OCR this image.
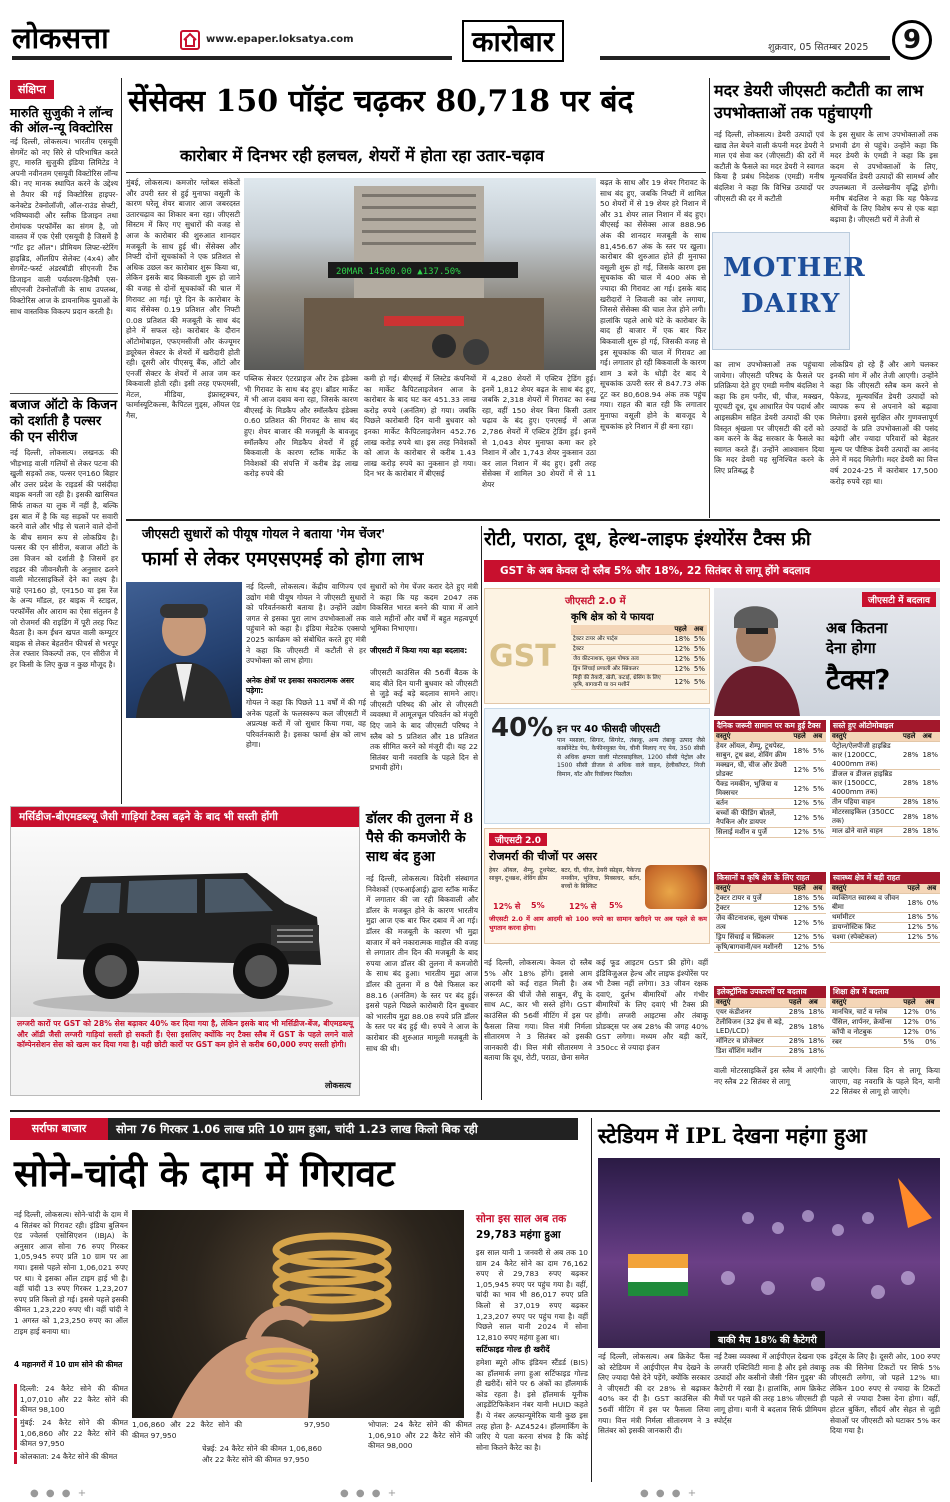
लोकसत्ता	www.epaper.loksatya.com	कारोबार	शुक्रवार, 05 सितम्बर 2025	9
संक्षिप्त
मारुति सुजुकी ने लॉन्च की ऑल-न्यू विक्टोरिस
नई दिल्ली, लोकसत्य। भारतीय एसयूवी सेगमेंट को नए सिरे से परिभाषित करते हुए, मारुति सुजुकी इंडिया लिमिटेड ने अपनी नवीनतम एसयूवी विक्टोरिस लॉन्च की। नए मानक स्थापित करने के उद्देश्य से तैयार की गई विक्टोरिस हाइपर-कनेक्टेड टेक्नोलॉजी, ऑल-राउंड सेफ्टी, भविष्यवादी और स्लीक डिजाइन तथा रोमांचक परफॉर्मेंस का संगम है, जो वास्तव में एक ऐसी एसयूवी है जिसमें है "गॉट इट ऑल"। प्रीमियम लिफ्ट-स्टेरिंग हाइब्रिड, ऑलग्रिप सेलेक्ट (4x4) और सेगमेंट-फर्स्ट अंडरबॉडी सीएनजी टैंक डिजाइन वाली पर्यावरण-हितैषी एस-सीएनजी टेक्नोलॉजी के साथ उपलब्ध, विक्टोरिस आज के डायनामिक युवाओं के साथ वास्तविक विकल्प प्रदान करती है।
बजाज ऑटो के किजन को दर्शाती है पल्सर की एन सीरीज
नई दिल्ली, लोकसत्य। लखनऊ की भीड़भाड़ वाली गलियों से लेकर पटना की खुली सड़कों तक, पल्सर एन160 बिहार और उत्तर प्रदेश के राइडर्स की पसंदीदा बाइक बनती जा रही है। इसकी खासियत सिर्फ ताकत या लुक में नहीं है, बल्कि इस बात में है कि यह सड़कों पर सवारी करने वाले और भीड़ से चलाने वाले दोनों के बीच समान रूप से लोकप्रिय है। पल्सर की एन सीरीज, बजाज ऑटो के उस विजन को दर्शाती है जिसमें हर राइडर की जीवनशैली के अनुसार ढलने वाली मोटरसाइकिलें देने का लक्ष्य है। चाहे एन160 हो, एन150 या इस रेंज के अन्य मॉडल, हर बाइक में स्टाइल, परफॉर्मेंस और आराम का ऐसा संतुलन है जो रोजमर्रा की राइडिंग में पूरी तरह फिट बैठता है। कम ईंधन खपत वाली कम्यूटर बाइक से लेकर बेहतरीन फीचर्स से भरपूर तेज रफ्तार विकल्पों तक, एन सीरीज में हर किसी के लिए कुछ न कुछ मौजूद है।
सेंसेक्स 150 पॉइंट चढ़कर 80,718 पर बंद
कारोबार में दिनभर रही हलचल, शेयरों में होता रहा उतार-चढ़ाव
मुंबई, लोकसत्य। कमजोर ग्लोबल संकेतों और उपरी स्तर से हुई मुनाफा वसूली के कारण घरेलू शेयर बाजार आज जबरदस्त उतारचढ़ाव का शिकार बना रहा। जीएसटी सिस्टम में किए गए सुधारों की वजह से आज के कारोबार की शुरुआत शानदार मजबूती के साथ हुई थी। सेंसेक्स और निफ्टी दोनों सूचकांकों ने एक प्रतिशत से अधिक उछल कर कारोबार शुरू किया था, लेकिन इसके बाद बिकवाली शुरू हो जाने की वजह से दोनों सूचकांकों की चाल में गिरावट आ गई। पूरे दिन के कारोबार के बाद सेंसेक्स 0.19 प्रतिशत और निफ्टी 0.08 प्रतिशत की मजबूती के साथ बंद होने में सफल रहे। कारोबार के दौरान ऑटोमोबाइल, एफएमसीजी और कंज्यूमर ड्यूरेबल सेक्टर के शेयरों में खरीदारी होती रही। दूसरी ओर पीएसयू बैंक, ऑटो और एनर्जी सेक्टर के शेयरों में आज जम कर बिकवाली होती रही। इसी तरह एफएमसी, मेटल, मीडिया, इंफ्रास्ट्रक्चर, फार्मास्यूटिकल्स, कैपिटल गुड्स, ऑयल एंड गैस,
20MAR 14500.00 ▲137.50%
पब्लिक सेक्टर एंटरप्राइज और टेक इंडेक्स भी गिरावट के साथ बंद हुए। ब्रॉडर मार्केट में भी आज दबाव बना रहा, जिसके कारण बीएसई के मिडकैप और स्मॉलकैप इंडेक्स 0.60 प्रतिशत की गिरावट के साथ बंद हुए। शेयर बाजार की मजबूती के बावजूद स्मॉलकैप और मिडकैप शेयरों में हुई बिकवाली के कारण स्टॉक मार्केट के निवेशकों की संपत्ति में करीब डेढ़ लाख करोड़ रुपये की
कमी हो गई। बीएसई में लिस्टेड कंपनियों का मार्केट कैपिटलाइजेशन आज के कारोबार के बाद घट कर 451.33 लाख करोड़ रुपये (अनंतिम) हो गया। जबकि पिछले कारोबारी दिन यानी बुधवार को इनका मार्केट कैपिटलाइजेशन 452.76 लाख करोड़ रुपये था। इस तरह निवेशकों को आज के कारोबार से करीब 1.43 लाख करोड़ रुपये का नुकसान हो गया। दिन भर के कारोबार में बीएसई
में 4,280 शेयरों में एक्टिव ट्रेडिंग हुई। इनमें 1,812 शेयर बढ़त के साथ बंद हुए, जबकि 2,318 शेयरों में गिरावट का रुख रहा, वहीं 150 शेयर बिना किसी उतार चढ़ाव के बंद हुए। एनएसई में आज 2,786 शेयरों में एक्टिव ट्रेडिंग हुई। इनमें से 1,043 शेयर मुनाफा कमा कर हरे निशान में और 1,743 शेयर नुकसान उठा कर लाल निशान में बंद हुए। इसी तरह सेंसेक्स में शामिल 30 शेयरों में से 11 शेयर
बढ़त के साथ और 19 शेयर गिरावट के साथ बंद हुए, जबकि निफ्टी में शामिल 50 शेयरों में से 19 शेयर हरे निशान में और 31 शेयर लाल निशान में बंद हुए। बीएसई का सेंसेक्स आज 888.96 अंक की शानदार मजबूती के साथ 81,456.67 अंक के स्तर पर खुला। कारोबार की शुरुआत होते ही मुनाफा वसूली शुरू हो गई, जिसके कारण इस सूचकांक की चाल में 400 अंक से ज्यादा की गिरावट आ गई। इसके बाद खरीदारों ने लिवाली का जोर लगाया, जिससे सेंसेक्स की चाल तेज होने लगी। हालांकि पहले आधे घंटे के कारोबार के बाद ही बाजार में एक बार फिर बिकवाली शुरू हो गई, जिसकी वजह से इस सूचकांक की चाल में गिरावट आ गई। लगातार हो रही बिकवाली के कारण शाम 3 बजे के थोड़ी देर बाद ये सूचकांक ऊपरी स्तर से 847.73 अंक टूट कर 80,608.94 अंक तक पहुंच गया। राहत की बात रही कि लगातार मुनाफा वसूली होने के बावजूद ये सूचकांक हरे निशान में ही बना रहा।
मदर डेयरी जीएसटी कटौती का लाभ उपभोक्ताओं तक पहुंचाएगी
नई दिल्ली, लोकसत्य। डेयरी उत्पादों एवं खाद्य तेल बेचने वाली कंपनी मदर डेयरी ने माल एवं सेवा कर (जीएसटी) की दरों में कटौती के फैसले का मदर डेयरी ने स्वागत किया है प्रबंध निदेशक (एमडी) मनीष बंदलिश ने कहा कि विभिन्न उत्पादों पर जीएसटी की दर में कटौती
के इस सुधार के लाभ उपभोक्ताओं तक प्रभावी ढंग से पहुंचे। उन्होंने कहा कि मदर डेयरी के एमडी ने कहा कि इस कदम से उपभोक्ताओं के लिए, मूल्यवर्धित डेयरी उत्पादों की सामर्थ्य और उपलब्धता में उल्लेखनीय वृद्धि होगी। मनीष बंदलिश ने कहा कि यह पैकेज्ड श्रेणियों के लिए विशेष रूप से एक बड़ा बढ़ावा है। जीएसटी घरों में तेजी से
MOTHER
DAIRY
का लाभ उपभोक्ताओं तक पहुंचाया जायेगा। जीएसटी परिषद के फैसले पर प्रतिक्रिया देते हुए एमडी मनीष बंदलिश ने कहा कि हम पनीर, घी, चीज, मक्खन, यूएचटी दूध, दूध आधारित पेय पदार्थ और आइसक्रीम सहित डेयरी उत्पादों की एक विस्तृत श्रृंखला पर जीएसटी की दरों को कम करने के केंद्र सरकार के फैसले का स्वागत करते हैं। उन्होंने आश्वासन दिया कि मदर डेयरी यह सुनिश्चित करने के लिए प्रतिबद्ध है
लोकप्रिय हो रहे हैं और आगे चलकर इनकी मांग में और तेजी आएगी। उन्होंने कहा कि जीएसटी स्लैब कम करने से पैकेज्ड, मूल्यवर्धित डेयरी उत्पादों को व्यापक रूप से अपनाने को बढ़ावा मिलेगा। इससे सुरक्षित और गुणवत्तापूर्ण उत्पादों के प्रति उपभोक्ताओं की पसंद बढ़ेगी और ज्यादा परिवारों को बेहतर मूल्य पर पौष्टिक डेयरी उत्पादों का आनंद लेने में मदद मिलेगी। मदर डेयरी का वित्त वर्ष 2024-25 में कारोबार 17,500 करोड़ रुपये रहा था।
जीएसटी सुधारों को पीयूष गोयल ने बताया 'गेम चेंजर'
फार्मा से लेकर एमएसएमई को होगा लाभ
नई दिल्ली, लोकसत्य। केंद्रीय वाणिज्य एवं उद्योग मंत्री पीयूष गोयल ने जीएसटी सुधारों को परिवर्तनकारी बताया है। उन्होंने उद्योग जगत से इसका पूरा लाभ उपभोक्ताओं तक पहुंचाने को कहा है। इंडिया मेडटेक एक्सपो 2025 कार्यक्रम को संबोधित करते हुए मंत्री ने कहा कि जीएसटी में कटौती से हर उपभोक्ता को लाभ होगा।
अनेक क्षेत्रों पर इसका सकारात्मक असर पड़ेगा:
गोयल ने कहा कि पिछले 11 वर्षों में की गई अनेक पहलों के फलस्वरूप कल जीएसटी में अप्रत्यक्ष करों में जो सुधार किया गया, वह परिवर्तनकारी है। इसका फार्मा क्षेत्र को लाभ होगा।
सुधारों को गेम चेंजर करार देते हुए मंत्री ने कहा कि यह कदम 2047 तक विकसित भारत बनने की यात्रा में आने वाले महीनों और वर्षों में बहुत महत्वपूर्ण भूमिका निभाएगा।
जीएसटी में किया गया बड़ा बदलाव:
जीएसटी काउंसिल की 56वीं बैठक के बाद बीते दिन यानी बुधवार को जीएसटी से जुड़े कई बड़े बदलाव सामने आए। जीएसटी परिषद की ओर से जीएसटी व्यवस्था में आमूलचूल परिवर्तन को मंजूरी दिए जाने के बाद जीएसटी परिषद ने स्लैब को 5 प्रतिशत और 18 प्रतिशत तक सीमित करने को मंजूरी दी। यह 22 सितंबर यानी नवरात्रि के पहले दिन से प्रभावी होंगे।
मर्सिडीज-बीएमडब्ल्यू जैसी गाड़ियां टैक्स बढ़ने के बाद भी सस्ती होंगी
लग्जरी कारों पर GST को 28% सेस बढ़ाकर 40% कर दिया गया है, लेकिन इसके बाद भी मर्सिडीज-बेंज, बीएमडब्ल्यू और ऑडी जैसी लग्जरी गाड़ियां सस्ती हो सकती हैं। ऐसा इसलिए क्योंकि नए टैक्स स्लैब में GST के पहले लगने वाले कॉम्पेनसेशन सेस को खत्म कर दिया गया है। यही छोटी कारों पर GST कम होने से करीब 60,000 रुपए सस्ती होगी।
लोकसत्य
डॉलर की तुलना में 8 पैसे की कमजोरी के साथ बंद हुआ
नई दिल्ली, लोकसत्य। विदेशी संस्थागत निवेशकों (एफआईआई) द्वारा स्टॉक मार्केट में लगातार की जा रही बिकवाली और डॉलर के मजबूत होने के कारण भारतीय मुद्रा आज एक बार फिर दबाव में आ गई। डॉलर की मजबूती के कारण भी मुद्रा बाजार में बने नकारात्मक माहौल की वजह से लगातार तीन दिन की मजबूती के बाद रुपया आज डॉलर की तुलना में कमजोरी के साथ बंद हुआ। भारतीय मुद्रा आज डॉलर की तुलना में 8 पैसे फिसल कर 88.16 (अनंतिम) के स्तर पर बंद हुई। इससे पहले पिछले कारोबारी दिन बुधवार को भारतीय मुद्रा 88.08 रुपये प्रति डॉलर के स्तर पर बंद हुई थी। रुपये ने आज के कारोबार की शुरुआत मामूली मजबूती के साथ की थी।
रोटी, पराठा, दूध, हेल्थ-लाइफ इंश्योरेंस टैक्स फ्री
GST के अब केवल दो स्लैब 5% और 18%, 22 सितंबर से लागू होंगे बदलाव
GST
जीएसटी 2.0 में
कृषि क्षेत्र को ये फायदा
	पहले	अब
ट्रैक्टर टायर और पार्ट्स	18%	5%
ट्रैक्टर	12%	5%
जैव कीटनाशक, सूक्ष्म पोषक तत्व	12%	5%
ड्रिप सिंचाई प्रणाली और स्प्रिंकलर	12%	5%
मिट्टी की तैयारी, खेती, कटाई, थ्रेसिंग के लिए कृषि, बागवानी या वन मशीनें	12%	5%
40% इन पर 40 फीसदी जीएसटी
पान मसाला, सिगार, सिगरेट, तंबाकू, अन्य तंबाकू उत्पाद जैसे कार्बोनेटेड पेय, कैफीनयुक्त पेय, चीनी मिलाए गए पेय, 350 सीसी से अधिक क्षमता वाली मोटरसाइकिल, 1200 सीसी पेट्रोल और 1500 सीसी डीजल से अधिक वाले वाहन, हेलीकॉप्टर, निजी विमान, यॉट और रिवॉल्वर पिस्तौल।
जीएसटी 2.0
रोजमर्रा की चीजों पर असर
हेयर ऑयल, शैम्पू, टूथपेस्ट, साबुन, टूथब्रश, शेविंग क्रीम
12% से 5%
बटर, घी, चीज, डेयरी स्प्रेड्स, पैकेज्ड नमकीन, भुजिया, मिक्सचर, बर्तन, बच्चों के बिस्किट
12% से 5%
जीएसटी 2.0 में आम आदमी को 100 रुपये का सामान खरीदने पर अब पहले से कम भुगतान करना होगा।
जीएसटी में बदलाव
अब कितना
देना होगा
टैक्स?
दैनिक जरूरी सामान पर कम हुई टैक्स
वस्तुएं	पहले	अब
हेयर ऑयल, शैम्पू, टूथपेस्ट, साबुन, टूथ ब्रश, शेविंग क्रीम	18%	5%
मक्खन, घी, चीज और डेयरी प्रोडक्ट	12%	5%
पैक्ड नमकीन, भुजिया व मिक्सचर	12%	5%
बर्तन	12%	5%
बच्चों की फीडिंग बोतलें, नैपकिन और डायपर	12%	5%
सिलाई मशीन व पुर्जे	12%	5%
सस्ते हुए ऑटोमोबाइल
वस्तुएं	पहले	अब
पेट्रोल/ऐलपीजी हाइब्रिड कार (1200CC, 4000mm तक)	28%	18%
डीजल व डीजल हाइब्रिड कार (1500CC, 4000mm तक)	28%	18%
तीन पहिया वाहन	28%	18%
मोटरसाइकिल (350CC तक)	28%	18%
माल ढोने वाले वाहन	28%	18%
किसानों व कृषि क्षेत्र के लिए राहत
वस्तुएं	पहले	अब
ट्रैक्टर टायर व पुर्जे	18%	5%
ट्रैक्टर	12%	5%
जैव कीटनाशक, सूक्ष्म पोषक तत्व	12%	5%
ड्रिप सिंचाई व स्प्रिंकलर	12%	5%
कृषि/बागवानी/वन मशीनरी	12%	5%
स्वास्थ्य क्षेत्र में बड़ी राहत
वस्तुएं	पहले	अब
व्यक्तिगत स्वास्थ्य व जीवन बीमा	18%	0%
थर्मामीटर	18%	5%
डायग्नोस्टिक किट	12%	5%
चश्मा (स्पेक्टेकल)	12%	5%
इलेक्ट्रॉनिक उपकरणों पर बदलाव
वस्तुएं	पहले	अब
एयर कंडीशनर	28%	18%
टेलीविजन (32 इंच से बड़े, LED/LCD)	28%	18%
मॉनिटर व प्रोजेक्टर	28%	18%
डिश वॉशिंग मशीन	28%	18%
शिक्षा क्षेत्र में बदलाव
वस्तुएं	पहले	अब
मानचित्र, चार्ट व ग्लोब	12%	0%
पेंसिल, शार्पनर, क्रेयॉन्स	12%	0%
कॉपी व नोटबुक	12%	0%
रबर	5%	0%
नई दिल्ली, लोकसत्य। केवल दो स्लैब 5% और 18% होंगे। इससे आम आदमी को कई राहत मिली है। अब जरूरत की चीजें जैसे साबुन, शैंपू के साथ AC, कार भी सस्ते होंगे। GST काउंसिल की 56वीं मीटिंग में इस पर फैसला लिया गया। वित्त मंत्री निर्मला सीतारमण ने 3 सितंबर को इसकी जानकारी दी। वित्त मंत्री सीतारमण ने बताया कि दूध, रोटी, पराठा, छेना समेत
कई फूड आइटम GST फ्री होंगे। वहीं इंडिविजुअल हेल्थ और लाइफ इंश्योरेंस पर भी टैक्स नहीं लगेगा। 33 जीवन रक्षक दवाएं, दुर्लभ बीमारियों और गंभीर बीमारियों के लिए दवाएं भी टैक्स फ्री होंगी। लग्जरी आइटम्स और तंबाकू प्रोडक्ट्स पर अब 28% की जगह 40% GST लगेगा। मध्यम और बड़ी कारें, 350cc से ज्यादा इंजन
वाली मोटरसाइकिलें इस स्लैब में आएंगी। नए स्लैब 22 सितंबर से लागू
हो जाएंगे। जिस दिन से लागू किया जाएगा, वह नवरात्रि के पहले दिन, यानी 22 सितंबर से लागू हो जाएंगे।
सर्राफा बाजार	सोना 76 गिरकर 1.06 लाख प्रति 10 ग्राम हुआ, चांदी 1.23 लाख किलो बिक रही
सोने-चांदी के दाम में गिरावट
नई दिल्ली, लोकसत्य। सोने-चांदी के दाम में 4 सितंबर को गिरावट रही। इंडिया बुलियन एंड ज्वेलर्स एसोसिएशन (IBJA) के अनुसार आज सोना 76 रुपए गिरकर 1,05,945 रुपए प्रति 10 ग्राम पर आ गया। इससे पहले सोना 1,06,021 रुपए पर था। ये इसका ऑल टाइम हाई भी है। वहीं चांदी 13 रुपए गिरकर 1,23,207 रुपए प्रति किलो हो गई। इससे पहले इसकी कीमत 1,23,220 रुपए थी। वहीं चांदी ने 1 अगस्त को 1,23,250 रुपए का ऑल टाइम हाई बनाया था।
4 महानगरों में 10 ग्राम सोने की कीमत
दिल्ली: 24 कैरेट सोने की कीमत 1,07,010 और 22 कैरेट सोने की कीमत 98,100
मुंबई: 24 कैरेट सोने की कीमत 1,06,860 और 22 कैरेट सोने की कीमत 97,950
कोलकाता: 24 कैरेट सोने की कीमत
1,06,860 और 22 कैरेट सोने की कीमत 97,950
चेन्नई: 24 कैरेट सोने की कीमत 1,06,860 और 22 कैरेट सोने की कीमत 97,950
97,950	भोपाल: 24 कैरेट सोने की कीमत 1,06,910 और 22 कैरेट सोने की कीमत 98,000
सोना इस साल अब तक
29,783 महंगा हुआ
इस साल यानी 1 जनवरी से अब तक 10 ग्राम 24 कैरेट सोने का दाम 76,162 रुपए से 29,783 रुपए बढ़कर 1,05,945 रुपए पर पहुंच गया है। वहीं, चांदी का भाव भी 86,017 रुपए प्रति किलो से 37,019 रुपए बढ़कर 1,23,207 रुपए पर पहुंच गया है। वहीं पिछले साल यानी 2024 में सोना 12,810 रुपए महंगा हुआ था।
सर्टिफाइड गोल्ड ही खरीदें
हमेशा ब्यूरो ऑफ इंडियन स्टैंडर्ड (BIS) का हॉलमार्क लगा हुआ सर्टिफाइड गोल्ड ही खरीदें। सोने पर 6 अंकों का हॉलमार्क कोड रहता है। इसे हॉलमार्क यूनीक आइडेंटिफिकेशन नंबर यानी HUID कहते हैं। ये नंबर अल्फान्यूमेरिक यानी कुछ इस तरह होता है- AZ4524। हॉलमार्किंग के जरिए ये पता करना संभव है कि कोई सोना कितने कैरेट का है।
स्टेडियम में IPL देखना महंगा हुआ
बाकी मैच 18% की कैटेगरी
नई दिल्ली, लोकसत्य। अब क्रिकेट फैंस को स्टेडियम में आईपीएल मैच देखने के लिए ज्यादा पैसे देने पड़ेंगे, क्योंकि सरकार ने जीएसटी की दर 28% से बढ़ाकर 40% कर दी है। GST काउंसिल की 56वीं मीटिंग में इस पर फैसला लिया गया। वित्त मंत्री निर्मला सीतारमण ने 3 सितंबर को इसकी जानकारी दी।
नई टैक्स व्यवस्था में आईपीएल देखना एक लग्जरी एक्टिविटी माना है और इसे तंबाकू उत्पादों और कसीनो जैसी 'सिन गुड्स' की कैटेगरी में रखा है। हालांकि, आम क्रिकेट मैचों पर पहले की तरह 18% जीएसटी ही लागू होगा। यानी ये बदलाव सिर्फ प्रीमियम स्पोर्ट्स
इवेंट्स के लिए है। दूसरी ओर, 100 रुपए तक की सिनेमा टिकटों पर सिर्फ 5% जीएसटी लगेगा, जो पहले 12% था। लेकिन 100 रुपए से ज्यादा के टिकटों पहले से ज्यादा टैक्स देना होगा। वहीं, होटल बुकिंग, सौंदर्य और सेहत से जुड़ी सेवाओं पर जीएसटी को घटाकर 5% कर दिया गया है।
● ● ● +	● ● ● +	● ● ● +
